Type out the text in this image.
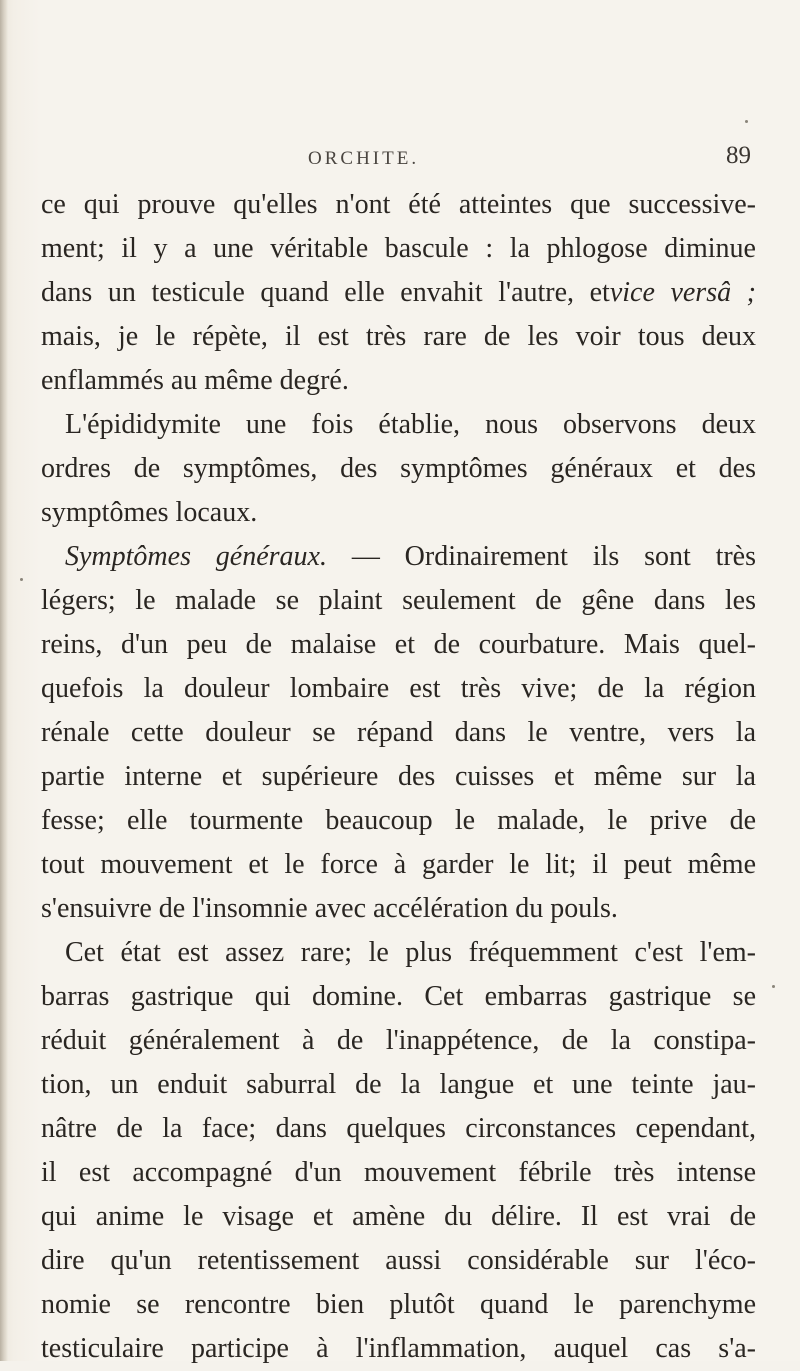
ORCHITE.	89
ce qui prouve qu'elles n'ont été atteintes que successive-
ment; il y a une véritable bascule : la phlogose diminue
dans un testicule quand elle envahit l'autre, etvice versâ ;
mais, je le répète, il est très rare de les voir tous deux
enflammés au même degré.
L'épididymite une fois établie, nous observons deux
ordres de symptômes, des symptômes généraux et des
symptômes locaux.
Symptômes généraux. — Ordinairement ils sont très
légers; le malade se plaint seulement de gêne dans les
reins, d'un peu de malaise et de courbature. Mais quel-
quefois la douleur lombaire est très vive; de la région
rénale cette douleur se répand dans le ventre, vers la
partie interne et supérieure des cuisses et même sur la
fesse; elle tourmente beaucoup le malade, le prive de
tout mouvement et le force à garder le lit; il peut même
s'ensuivre de l'insomnie avec accélération du pouls.
Cet état est assez rare; le plus fréquemment c'est l'em-
barras gastrique qui domine. Cet embarras gastrique se
réduit généralement à de l'inappétence, de la constipa-
tion, un enduit saburral de la langue et une teinte jau-
nâtre de la face; dans quelques circonstances cependant,
il est accompagné d'un mouvement fébrile très intense
qui anime le visage et amène du délire. Il est vrai de
dire qu'un retentissement aussi considérable sur l'éco-
nomie se rencontre bien plutôt quand le parenchyme
testiculaire participe à l'inflammation, auquel cas s'a-
